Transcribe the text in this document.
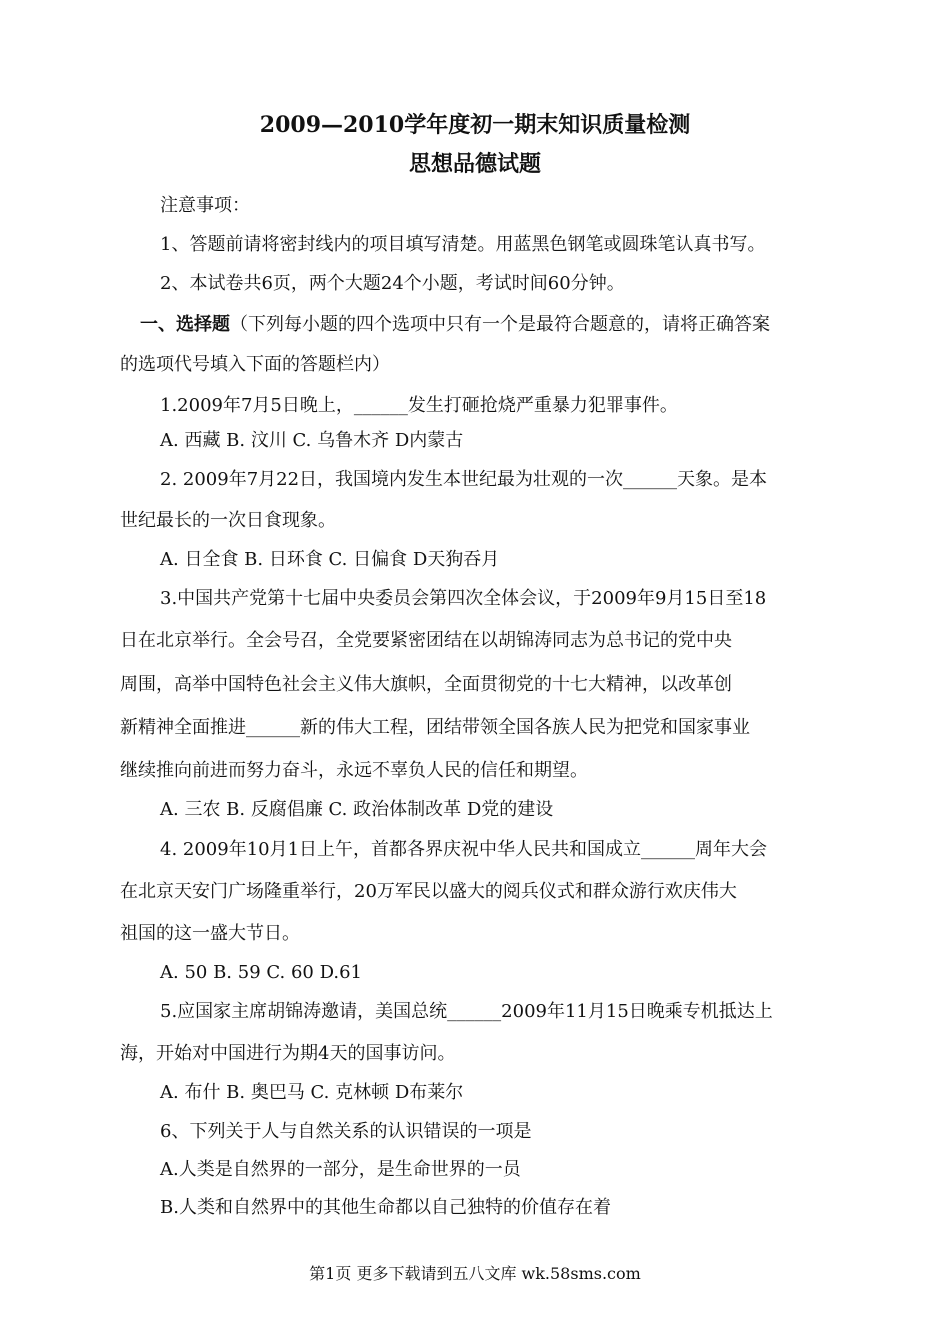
2009—2010学年度初一期末知识质量检测
思想品德试题
注意事项：
1、答题前请将密封线内的项目填写清楚。用蓝黑色钢笔或圆珠笔认真书写。
2、本试卷共6页，两个大题24个小题，考试时间60分钟。
一、选择题（下列每小题的四个选项中只有一个是最符合题意的，请将正确答案
的选项代号填入下面的答题栏内）
1.2009年7月5日晚上，______发生打砸抢烧严重暴力犯罪事件。
A. 西藏 B. 汶川 C. 乌鲁木齐 D内蒙古
2. 2009年7月22日，我国境内发生本世纪最为壮观的一次______天象。是本
世纪最长的一次日食现象。
A. 日全食 B. 日环食 C. 日偏食 D天狗吞月
3.中国共产党第十七届中央委员会第四次全体会议，于2009年9月15日至18
日在北京举行。全会号召，全党要紧密团结在以胡锦涛同志为总书记的党中央
周围，高举中国特色社会主义伟大旗帜，全面贯彻党的十七大精神，以改革创
新精神全面推进______新的伟大工程，团结带领全国各族人民为把党和国家事业
继续推向前进而努力奋斗，永远不辜负人民的信任和期望。
A. 三农 B. 反腐倡廉 C. 政治体制改革 D党的建设
4. 2009年10月1日上午，首都各界庆祝中华人民共和国成立______周年大会
在北京天安门广场隆重举行，20万军民以盛大的阅兵仪式和群众游行欢庆伟大
祖国的这一盛大节日。
A. 50 B. 59 C. 60 D.61
5.应国家主席胡锦涛邀请，美国总统______2009年11月15日晚乘专机抵达上
海，开始对中国进行为期4天的国事访问。
A. 布什 B. 奥巴马 C. 克林顿 D布莱尔
6、下列关于人与自然关系的认识错误的一项是
A.人类是自然界的一部分，是生命世界的一员
B.人类和自然界中的其他生命都以自己独特的价值存在着
第1页 更多下载请到五八文库 wk.58sms.com
